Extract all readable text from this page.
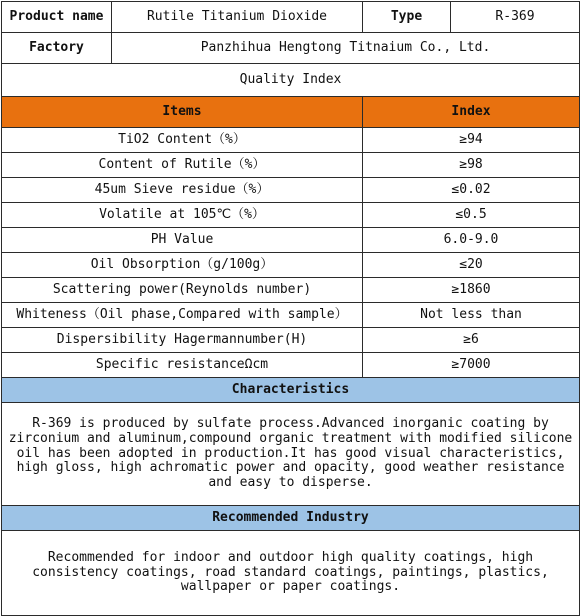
Product name	Rutile Titanium Dioxide	Type	R-369
Factory	Panzhihua Hengtong Titnaium Co., Ltd.		
Quality Index			
Items		Index	
TiO2 Content（%）		≥94	
Content of Rutile（%）		≥98	
45um Sieve residue（%）		≤0.02	
Volatile at 105℃（%）		≤0.5	
PH Value		6.0-9.0	
Oil Obsorption（g/100g）		≤20	
Scattering power(Reynolds number)		≥1860	
Whiteness（Oil phase,Compared with sample）		Not less than	
Dispersibility Hagermannumber(H)		≥6	
Specific resistanceΩcm		≥7000	
Characteristics			
R-369 is produced by sulfate process.Advanced inorganic coating by zirconium and aluminum,compound organic treatment with modified silicone oil has been adopted in production.It has good visual characteristics, high gloss, high achromatic power and opacity, good weather resistance and easy to disperse.			
Recommended Industry			
Recommended for indoor and outdoor high quality coatings, high consistency coatings, road standard coatings, paintings, plastics, wallpaper or paper coatings.			
